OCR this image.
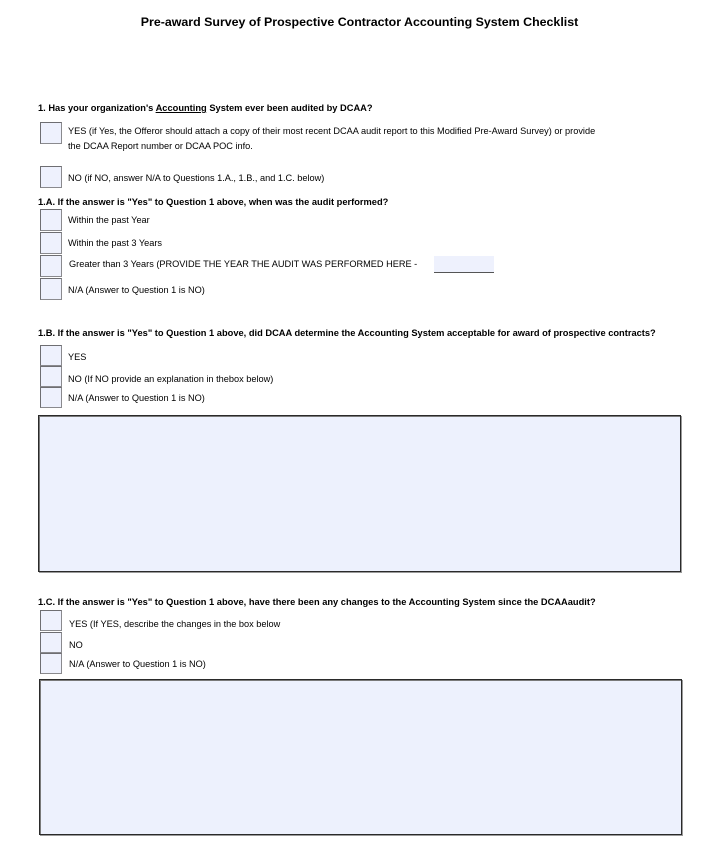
Pre-award Survey of Prospective Contractor Accounting System Checklist
1. Has your organization's Accounting System ever been audited by DCAA?
YES (if Yes, the Offeror should attach a copy of their most recent DCAA audit report to this Modified Pre-Award Survey) or provide
the DCAA Report number or DCAA POC info.
NO (if NO, answer N/A to Questions 1.A., 1.B., and 1.C. below)
1.A. If the answer is "Yes" to Question 1 above, when was the audit performed?
Within the past Year
Within the past 3 Years
Greater than 3 Years (PROVIDE THE YEAR THE AUDIT WAS PERFORMED HERE -
N/A (Answer to Question 1 is NO)
1.B. If the answer is "Yes" to Question 1 above, did DCAA determine the Accounting System acceptable for award of prospective contracts?
YES
NO (If NO provide an explanation in thebox below)
N/A (Answer to Question 1 is NO)
1.C. If the answer is "Yes" to Question 1 above, have there been any changes to the Accounting System since the DCAAaudit?
YES (If YES, describe the changes in the box below
NO
N/A (Answer to Question 1 is NO)
